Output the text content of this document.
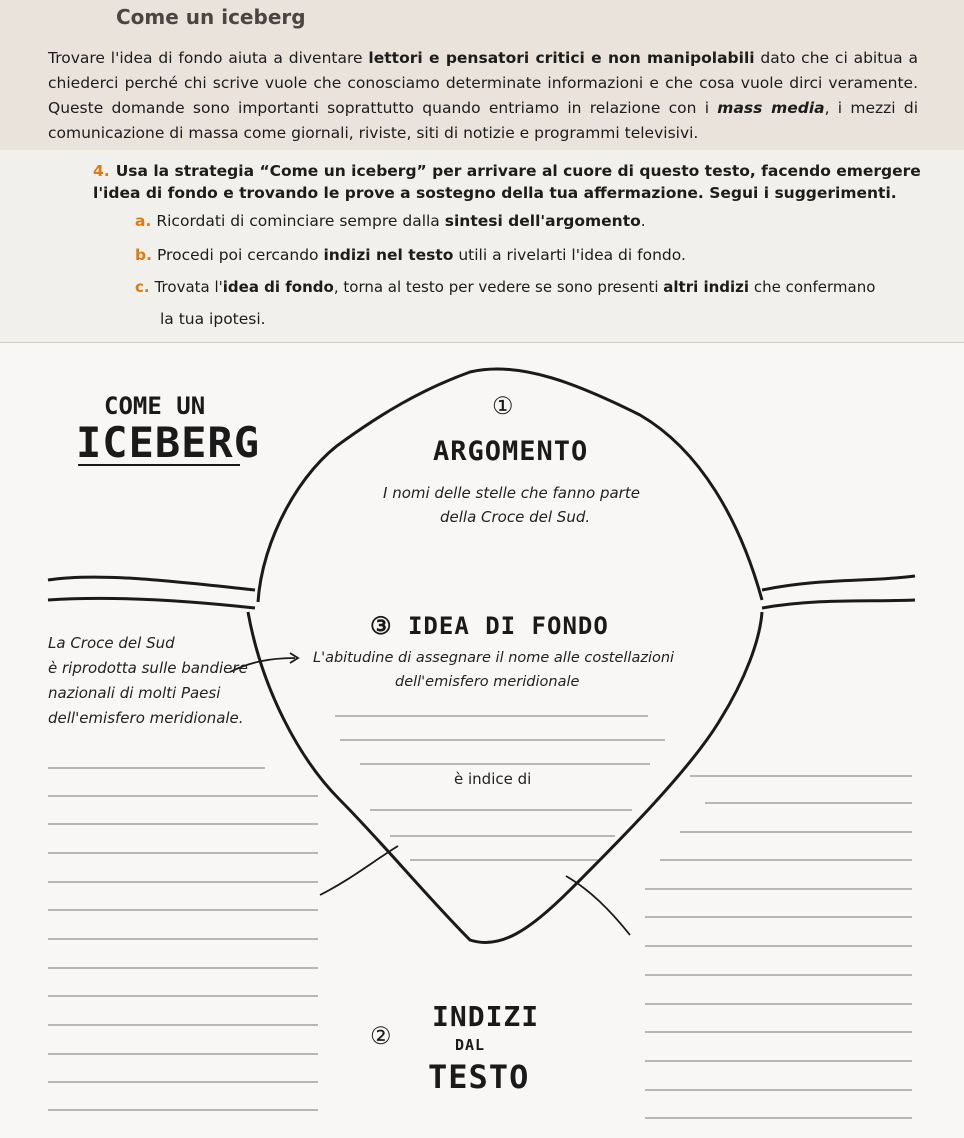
Come un iceberg
Trovare l'idea di fondo aiuta a diventare lettori e pensatori critici e non manipolabili dato che ci abitua a chiederci perché chi scrive vuole che conosciamo determinate informazioni e che cosa vuole dirci veramente. Queste domande sono importanti soprattutto quando entriamo in relazione con i mass media, i mezzi di comunicazione di massa come giornali, riviste, siti di notizie e programmi televisivi.
4. Usa la strategia “Come un iceberg” per arrivare al cuore di questo testo, facendo emergere l'idea di fondo e trovando le prove a sostegno della tua affermazione. Segui i suggerimenti.
a. Ricordati di cominciare sempre dalla sintesi dell'argomento.
b. Procedi poi cercando indizi nel testo utili a rivelarti l'idea di fondo.
c. Trovata l'idea di fondo, torna al testo per vedere se sono presenti altri indizi che confermano
la tua ipotesi.
COME UN
ICEBERG
①
ARGOMENTO
I nomi delle stelle che fanno parte
della Croce del Sud.
③ IDEA DI FONDO
L'abitudine di assegnare il nome alle costellazioni
dell'emisfero meridionale
La Croce del Sud
è riprodotta sulle bandiere
nazionali di molti Paesi
dell'emisfero meridionale.
è indice di
②
INDIZI
DAL
TESTO
